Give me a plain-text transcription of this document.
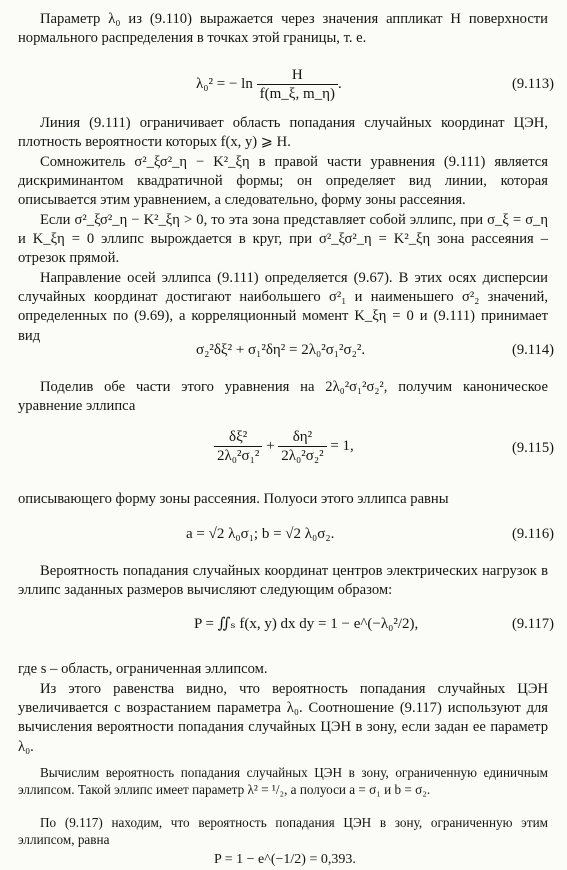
Параметр λ₀ из (9.110) выражается через значения аппликат H поверхности нормального распределения в точках этой границы, т. е.

λ₀² = − $\ln \frac{H}{f(m\_\xi, m\_\eta)}$ .	(9.113)

Линия (9.111) ограничивает область попадания случайных координат ЦЭН, плотность вероятности которых f(x, y) ⩾ H.

Сомножитель σ²_ξσ²_η − K²_ξη в правой части уравнения (9.111) является дискриминантом квадратичной формы; он определяет вид линии, которая описывается этим уравнением, а следовательно, форму зоны рассеяния.

Если σ²_ξσ²_η − K²_ξη > 0, то эта зона представляет собой эллипс, при σ_ξ = σ_η и K_ξη = 0 эллипс вырождается в круг, при σ²_ξσ²_η = K²_ξη зона рассеяния – отрезок прямой.

Направление осей эллипса (9.111) определяется (9.67). В этих осях дисперсии случайных координат достигают наибольшего σ²₁ и наименьшего σ²₂ значений, определенных по (9.69), а корреляционный момент K_ξη = 0 и (9.111) принимает вид

σ₂²δξ² + σ₁²δη² = 2λ₀²σ₁²σ₂².	(9.114)

Поделив обе части этого уравнения на 2λ₀²σ₁²σ₂², получим каноническое уравнение эллипса

$\frac{\text{δξ²}}{\text{2λ₀²σ₁²}} + \frac{\text{δη²}}{\text{2λ₀²σ₂²}} = 1$,	(9.115)

описывающего форму зоны рассеяния. Полуоси этого эллипса равны

a = √2 λ₀σ₁; b = √2 λ₀σ₂.	(9.116)

Вероятность попадания случайных координат центров электрических нагрузок в эллипс заданных размеров вычисляют следующим образом:

P = ∬ₛ f(x, y) dx dy = 1 − e^(−λ₀²/2),	(9.117)

где s – область, ограниченная эллипсом.

Из этого равенства видно, что вероятность попадания случайных ЦЭН увеличивается с возрастанием параметра λ₀. Соотношение (9.117) используют для вычисления вероятности попадания случайных ЦЭН в зону, если задан ее параметр λ₀.

Вычислим вероятность попадания случайных ЦЭН в зону, ограниченную единичным эллипсом. Такой эллипс имеет параметр λ² = ¹/₂, а полуоси a = σ₁ и b = σ₂.

По (9.117) находим, что вероятность попадания ЦЭН в зону, ограниченную этим эллипсом, равна

P = 1 − e^(−1/2) = 0,393.
